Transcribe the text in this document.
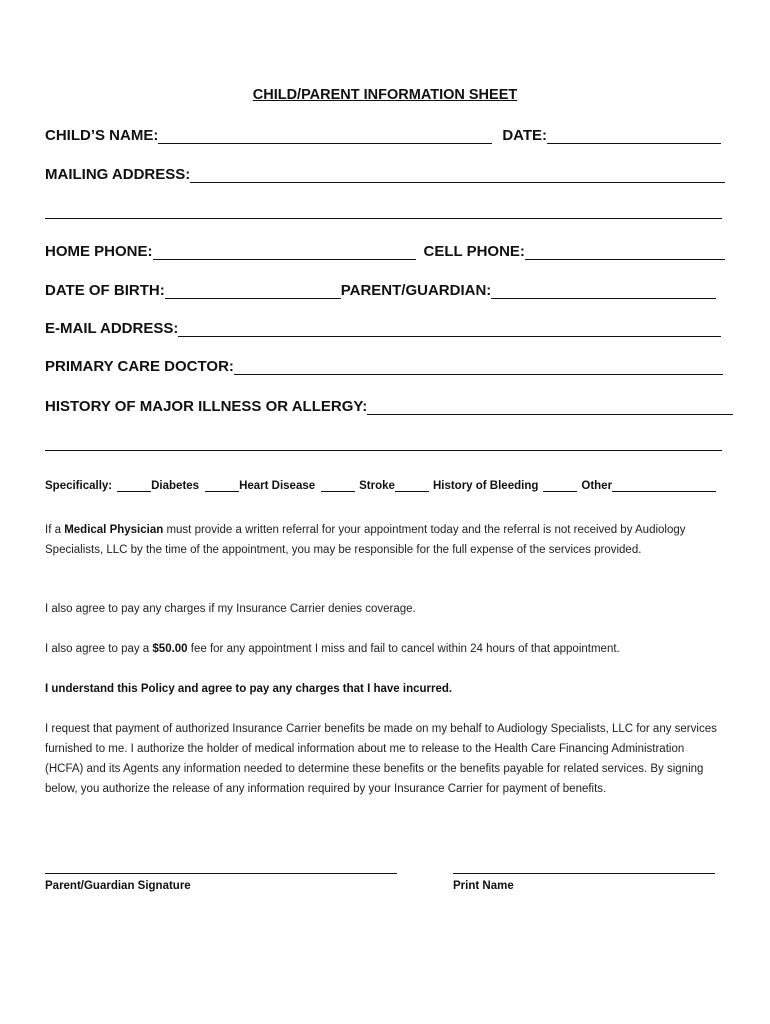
CHILD/PARENT INFORMATION SHEET
CHILD’S NAME:	DATE:
MAILING ADDRESS:
HOME PHONE:	CELL PHONE:
DATE OF BIRTH:	PARENT/GUARDIAN:
E-MAIL ADDRESS:
PRIMARY CARE DOCTOR:
HISTORY OF MAJOR ILLNESS OR ALLERGY:
Specifically:	Diabetes	Heart Disease	Stroke	History of Bleeding	Other
If a Medical Physician must provide a written referral for your appointment today and the referral is not received by Audiology Specialists, LLC by the time of the appointment, you may be responsible for the full expense of the services provided.
I also agree to pay any charges if my Insurance Carrier denies coverage.
I also agree to pay a $50.00 fee for any appointment I miss and fail to cancel within 24 hours of that appointment.
I understand this Policy and agree to pay any charges that I have incurred.
I request that payment of authorized Insurance Carrier benefits be made on my behalf to Audiology Specialists, LLC for any services furnished to me. I authorize the holder of medical information about me to release to the Health Care Financing Administration (HCFA) and its Agents any information needed to determine these benefits or the benefits payable for related services. By signing below, you authorize the release of any information required by your Insurance Carrier for payment of benefits.
Parent/Guardian Signature	Print Name
